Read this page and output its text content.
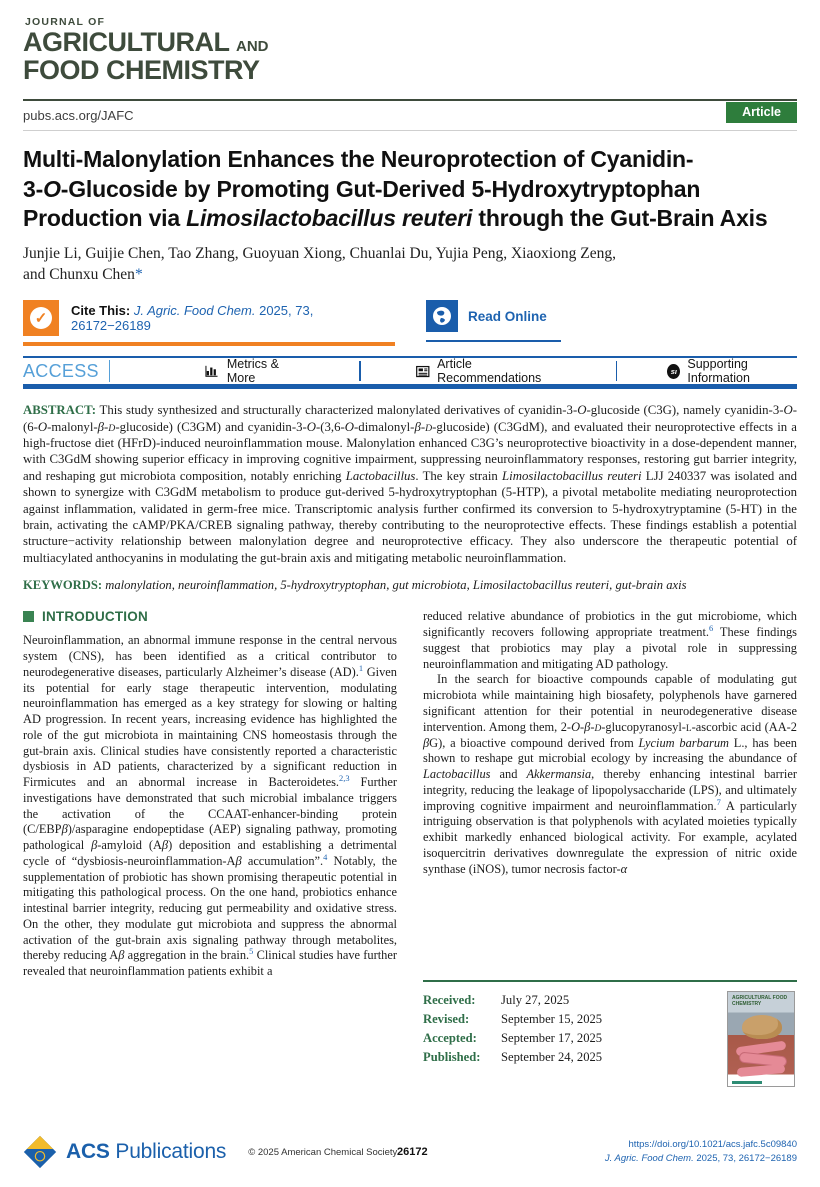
JOURNAL OF
AGRICULTURAL AND
FOOD CHEMISTRY
pubs.acs.org/JAFC	Article
Multi-Malonylation Enhances the Neuroprotection of Cyanidin-
3-O-Glucoside by Promoting Gut-Derived 5-Hydroxytryptophan
Production via Limosilactobacillus reuteri through the Gut-Brain Axis
Junjie Li, Guijie Chen, Tao Zhang, Guoyuan Xiong, Chuanlai Du, Yujia Peng, Xiaoxiong Zeng,
and Chunxu Chen*
✓	Cite This: J. Agric. Food Chem. 2025, 73, 26172−26189
Read Online
ACCESS	Metrics & More
Article Recommendations	sı Supporting Information

ABSTRACT: This study synthesized and structurally characterized malonylated derivatives of cyanidin-3-O-glucoside (C3G), namely cyanidin-3-O-(6-O-malonyl-β-D-glucoside) (C3GM) and cyanidin-3-O-(3,6-O-dimalonyl-β-D-glucoside) (C3GdM), and evaluated their neuroprotective effects in a high-fructose diet (HFrD)-induced neuroinflammation mouse. Malonylation enhanced C3G’s neuroprotective bioactivity in a dose-dependent manner, with C3GdM showing superior efficacy in improving cognitive impairment, suppressing neuroinflammatory responses, restoring gut barrier integrity, and reshaping gut microbiota composition, notably enriching Lactobacillus. The key strain Limosilactobacillus reuteri LJJ 240337 was isolated and shown to synergize with C3GdM metabolism to produce gut-derived 5-hydroxytryptophan (5-HTP), a pivotal metabolite mediating neuroprotection against inflammation, validated in germ-free mice. Transcriptomic analysis further confirmed its conversion to 5-hydroxytryptamine (5-HT) in the brain, activating the cAMP/PKA/CREB signaling pathway, thereby contributing to the neuroprotective effects. These findings establish a potential structure−activity relationship between malonylation degree and neuroprotective efficacy. They also underscore the therapeutic potential of multiacylated anthocyanins in modulating the gut-brain axis and mitigating metabolic neuroinflammation.

KEYWORDS: malonylation, neuroinflammation, 5-hydroxytryptophan, gut microbiota, Limosilactobacillus reuteri, gut-brain axis

INTRODUCTION

Neuroinflammation, an abnormal immune response in the central nervous system (CNS), has been identified as a critical contributor to neurodegenerative diseases, particularly Alzheimer’s disease (AD).$^1$ Given its potential for early stage therapeutic intervention, modulating neuroinflammation has emerged as a key strategy for slowing or halting AD progression. In recent years, increasing evidence has highlighted the role of the gut microbiota in maintaining CNS homeostasis through the gut-brain axis. Clinical studies have consistently reported a characteristic dysbiosis in AD patients, characterized by a significant reduction in Firmicutes and an abnormal increase in Bacteroidetes.$^{2,3}$ Further investigations have demonstrated that such microbial imbalance triggers the activation of the CCAAT-enhancer-binding protein (C/EBPβ)/asparagine endopeptidase (AEP) signaling pathway, promoting pathological β-amyloid (Aβ) deposition and establishing a detrimental cycle of “dysbiosis-neuroinflammation-Aβ accumulation”.$^4$ Notably, the supplementation of probiotic has shown promising therapeutic potential in mitigating this pathological process. On the one hand, probiotics enhance intestinal barrier integrity, reducing gut permeability and oxidative stress. On the other, they modulate gut microbiota and suppress the abnormal activation of the gut-brain axis signaling pathway through metabolites, thereby reducing Aβ aggregation in the brain.$^5$ Clinical studies have further revealed that neuroinflammation patients exhibit a

reduced relative abundance of probiotics in the gut microbiome, which significantly recovers following appropriate treatment.$^6$ These findings suggest that probiotics may play a pivotal role in suppressing neuroinflammation and mitigating AD pathology.

In the search for bioactive compounds capable of modulating gut microbiota while maintaining high biosafety, polyphenols have garnered significant attention for their potential in neurodegenerative disease intervention. Among them, 2-O-β-D-glucopyranosyl-L-ascorbic acid (AA-2 βG), a bioactive compound derived from Lycium barbarum L., has been shown to reshape gut microbial ecology by increasing the abundance of Lactobacillus and Akkermansia, thereby enhancing intestinal barrier integrity, reducing the leakage of lipopolysaccharide (LPS), and ultimately improving cognitive impairment and neuroinflammation.$^7$ A particularly intriguing observation is that polyphenols with acylated moieties typically exhibit markedly enhanced biological activity. For example, acylated isoquercitrin derivatives downregulate the expression of nitric oxide synthase (iNOS), tumor necrosis factor-α

Received:	July 27, 2025
Revised:	September 15, 2025
Accepted:	September 17, 2025
Published:	September 24, 2025
AGRICULTURAL FOOD CHEMISTRY
ACS Publications © 2025 American Chemical Society 26172
https://doi.org/10.1021/acs.jafc.5c09840
J. Agric. Food Chem. 2025, 73, 26172−26189
